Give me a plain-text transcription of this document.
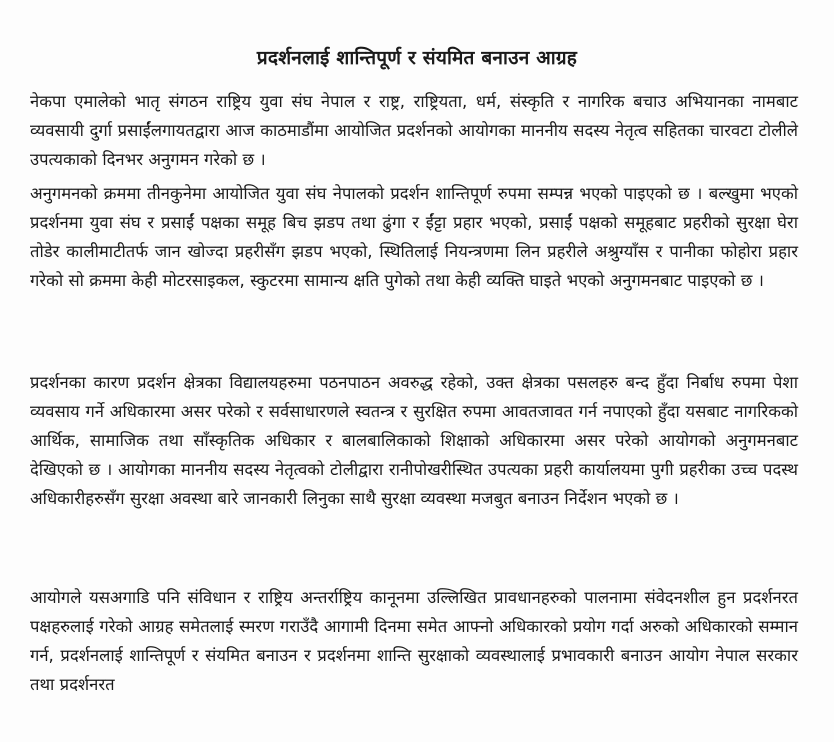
प्रदर्शनलाई शान्तिपूर्ण र संयमित बनाउन आग्रह

नेकपा एमालेको भातृ संगठन राष्ट्रिय युवा संघ नेपाल र राष्ट्र, राष्ट्रियता, धर्म, संस्कृति र नागरिक बचाउ अभियानका नामबाट व्यवसायी दुर्गा प्रसाईंलगायतद्वारा आज काठमाडौंमा आयोजित प्रदर्शनको आयोगका माननीय सदस्य नेतृत्व सहितका चारवटा टोलीले उपत्यकाको दिनभर अनुगमन गरेको छ ।

अनुगमनको क्रममा तीनकुनेमा आयोजित युवा संघ नेपालको प्रदर्शन शान्तिपूर्ण रुपमा सम्पन्न भएको पाइएको छ । बल्खुमा भएको प्रदर्शनमा युवा संघ र प्रसाईं पक्षका समूह बिच झडप तथा ढुंगा र ईंट्टा प्रहार भएको, प्रसाईं पक्षको समूहबाट प्रहरीको सुरक्षा घेरा तोडेर कालीमाटीतर्फ जान खोज्दा प्रहरीसँग झडप भएको, स्थितिलाई नियन्त्रणमा लिन प्रहरीले अश्रुग्याँस र पानीका फोहोरा प्रहार गरेको सो क्रममा केही मोटरसाइकल, स्कुटरमा सामान्य क्षति पुगेको तथा केही व्यक्ति घाइते भएको अनुगमनबाट पाइएको छ ।

प्रदर्शनका कारण प्रदर्शन क्षेत्रका विद्यालयहरुमा पठनपाठन अवरुद्ध रहेको, उक्त क्षेत्रका पसलहरु बन्द हुँदा निर्बाध रुपमा पेशा व्यवसाय गर्ने अधिकारमा असर परेको र सर्वसाधारणले स्वतन्त्र र सुरक्षित रुपमा आवतजावत गर्न नपाएको हुँदा यसबाट नागरिकको आर्थिक, सामाजिक तथा साँस्कृतिक अधिकार र बालबालिकाको शिक्षाको अधिकारमा असर परेको आयोगको अनुगमनबाट देखिएको छ । आयोगका माननीय सदस्य नेतृत्वको टोलीद्वारा रानीपोखरीस्थित उपत्यका प्रहरी कार्यालयमा पुगी प्रहरीका उच्च पदस्थ अधिकारीहरुसँग सुरक्षा अवस्था बारे जानकारी लिनुका साथै सुरक्षा व्यवस्था मजबुत बनाउन निर्देशन भएको छ ।

आयोगले यसअगाडि पनि संविधान र राष्ट्रिय अन्तर्राष्ट्रिय कानूनमा उल्लिखित प्रावधानहरुको पालनामा संवेदनशील हुन प्रदर्शनरत पक्षहरुलाई गरेको आग्रह समेतलाई स्मरण गराउँदै आगामी दिनमा समेत आफ्नो अधिकारको प्रयोग गर्दा अरुको अधिकारको सम्मान गर्न, प्रदर्शनलाई शान्तिपूर्ण र संयमित बनाउन र प्रदर्शनमा शान्ति सुरक्षाको व्यवस्थालाई प्रभावकारी बनाउन आयोग नेपाल सरकार तथा प्रदर्शनरत
